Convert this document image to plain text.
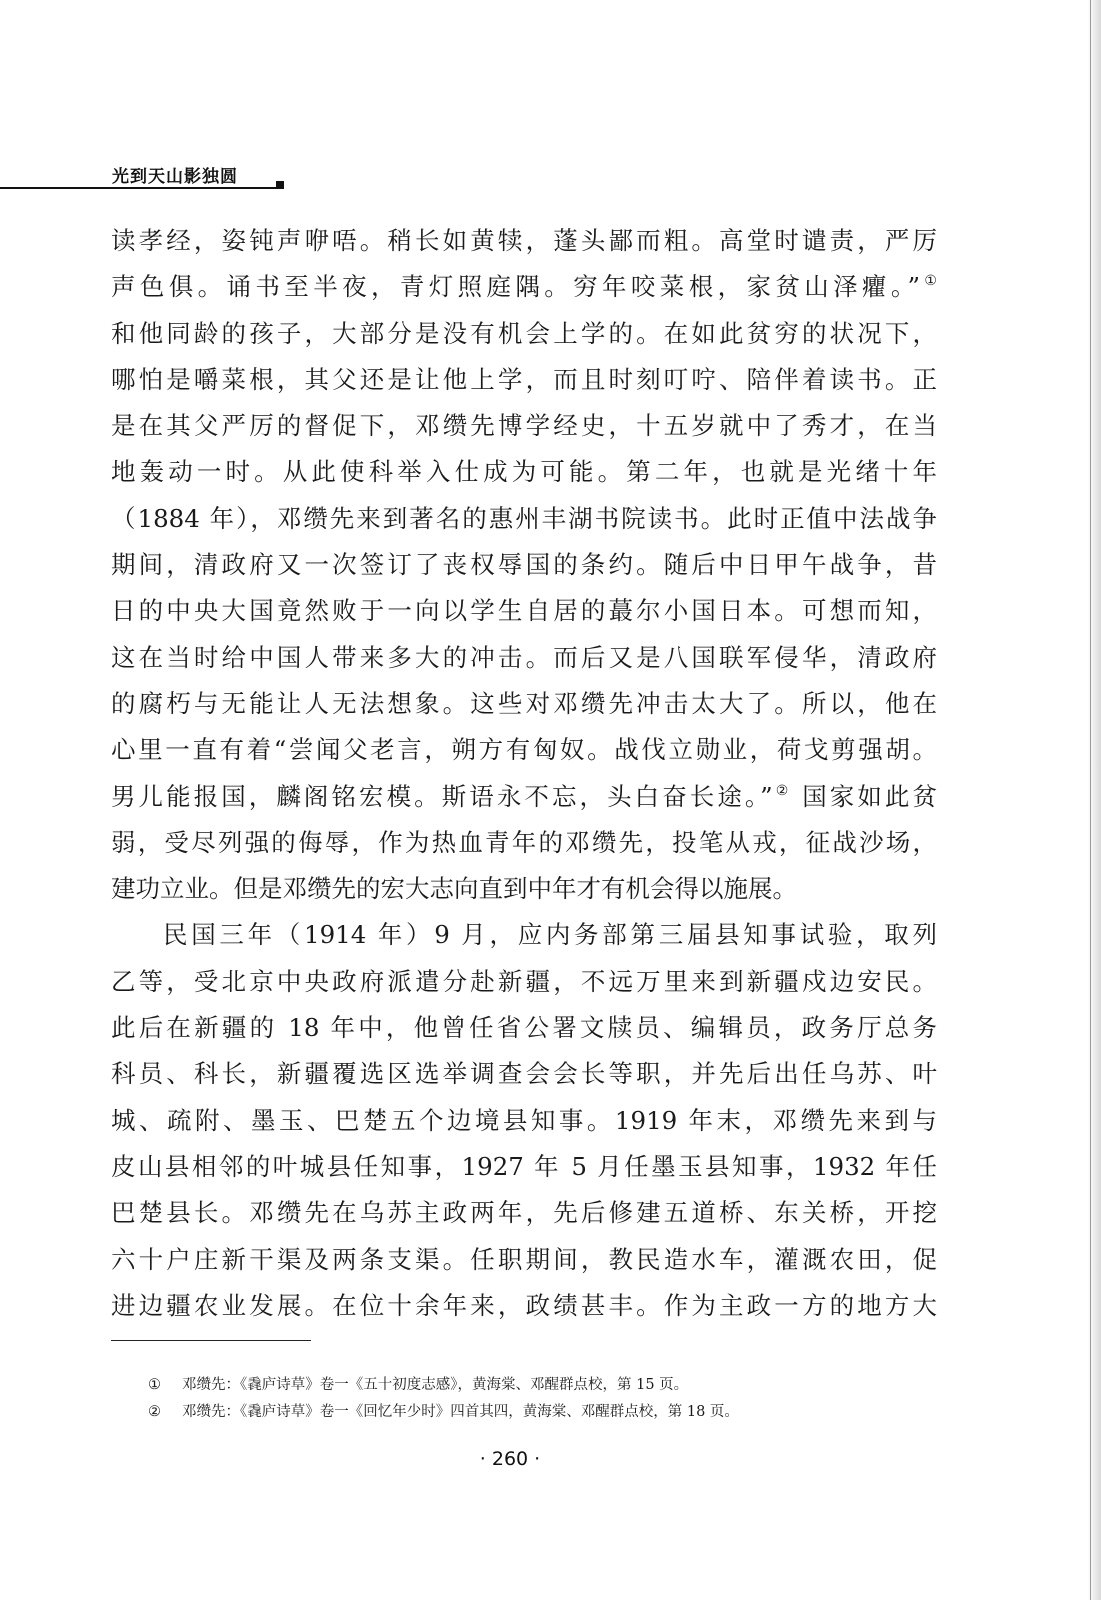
光到天山影独圆
读孝经，姿钝声咿唔。稍长如黄犊，蓬头鄙而粗。高堂时谴责，严厉
声色俱。诵书至半夜，青灯照庭隅。穷年咬菜根，家贫山泽癯。”①
和他同龄的孩子，大部分是没有机会上学的。在如此贫穷的状况下，
哪怕是嚼菜根，其父还是让他上学，而且时刻叮咛、陪伴着读书。正
是在其父严厉的督促下，邓缵先博学经史，十五岁就中了秀才，在当
地轰动一时。从此使科举入仕成为可能。第二年，也就是光绪十年
（1884 年），邓缵先来到著名的惠州丰湖书院读书。此时正值中法战争
期间，清政府又一次签订了丧权辱国的条约。随后中日甲午战争，昔
日的中央大国竟然败于一向以学生自居的蕞尔小国日本。可想而知，
这在当时给中国人带来多大的冲击。而后又是八国联军侵华，清政府
的腐朽与无能让人无法想象。这些对邓缵先冲击太大了。所以，他在
心里一直有着“尝闻父老言，朔方有匈奴。战伐立勋业，荷戈剪强胡。
男儿能报国，麟阁铭宏模。斯语永不忘，头白奋长途。”② 国家如此贫
弱，受尽列强的侮辱，作为热血青年的邓缵先，投笔从戎，征战沙场，
建功立业。但是邓缵先的宏大志向直到中年才有机会得以施展。
民国三年（1914 年）9 月，应内务部第三届县知事试验，取列
乙等，受北京中央政府派遣分赴新疆，不远万里来到新疆戍边安民。
此后在新疆的 18 年中，他曾任省公署文牍员、编辑员，政务厅总务
科员、科长，新疆覆选区选举调查会会长等职，并先后出任乌苏、叶
城、疏附、墨玉、巴楚五个边境县知事。1919 年末，邓缵先来到与
皮山县相邻的叶城县任知事，1927 年 5 月任墨玉县知事，1932 年任
巴楚县长。邓缵先在乌苏主政两年，先后修建五道桥、东关桥，开挖
六十户庄新干渠及两条支渠。任职期间，教民造水车，灌溉农田，促
进边疆农业发展。在位十余年来，政绩甚丰。作为主政一方的地方大
① 邓缵先：《毳庐诗草》卷一《五十初度志感》，黄海棠、邓醒群点校，第 15 页。
② 邓缵先：《毳庐诗草》卷一《回忆年少时》四首其四，黄海棠、邓醒群点校，第 18 页。
· 260 ·
